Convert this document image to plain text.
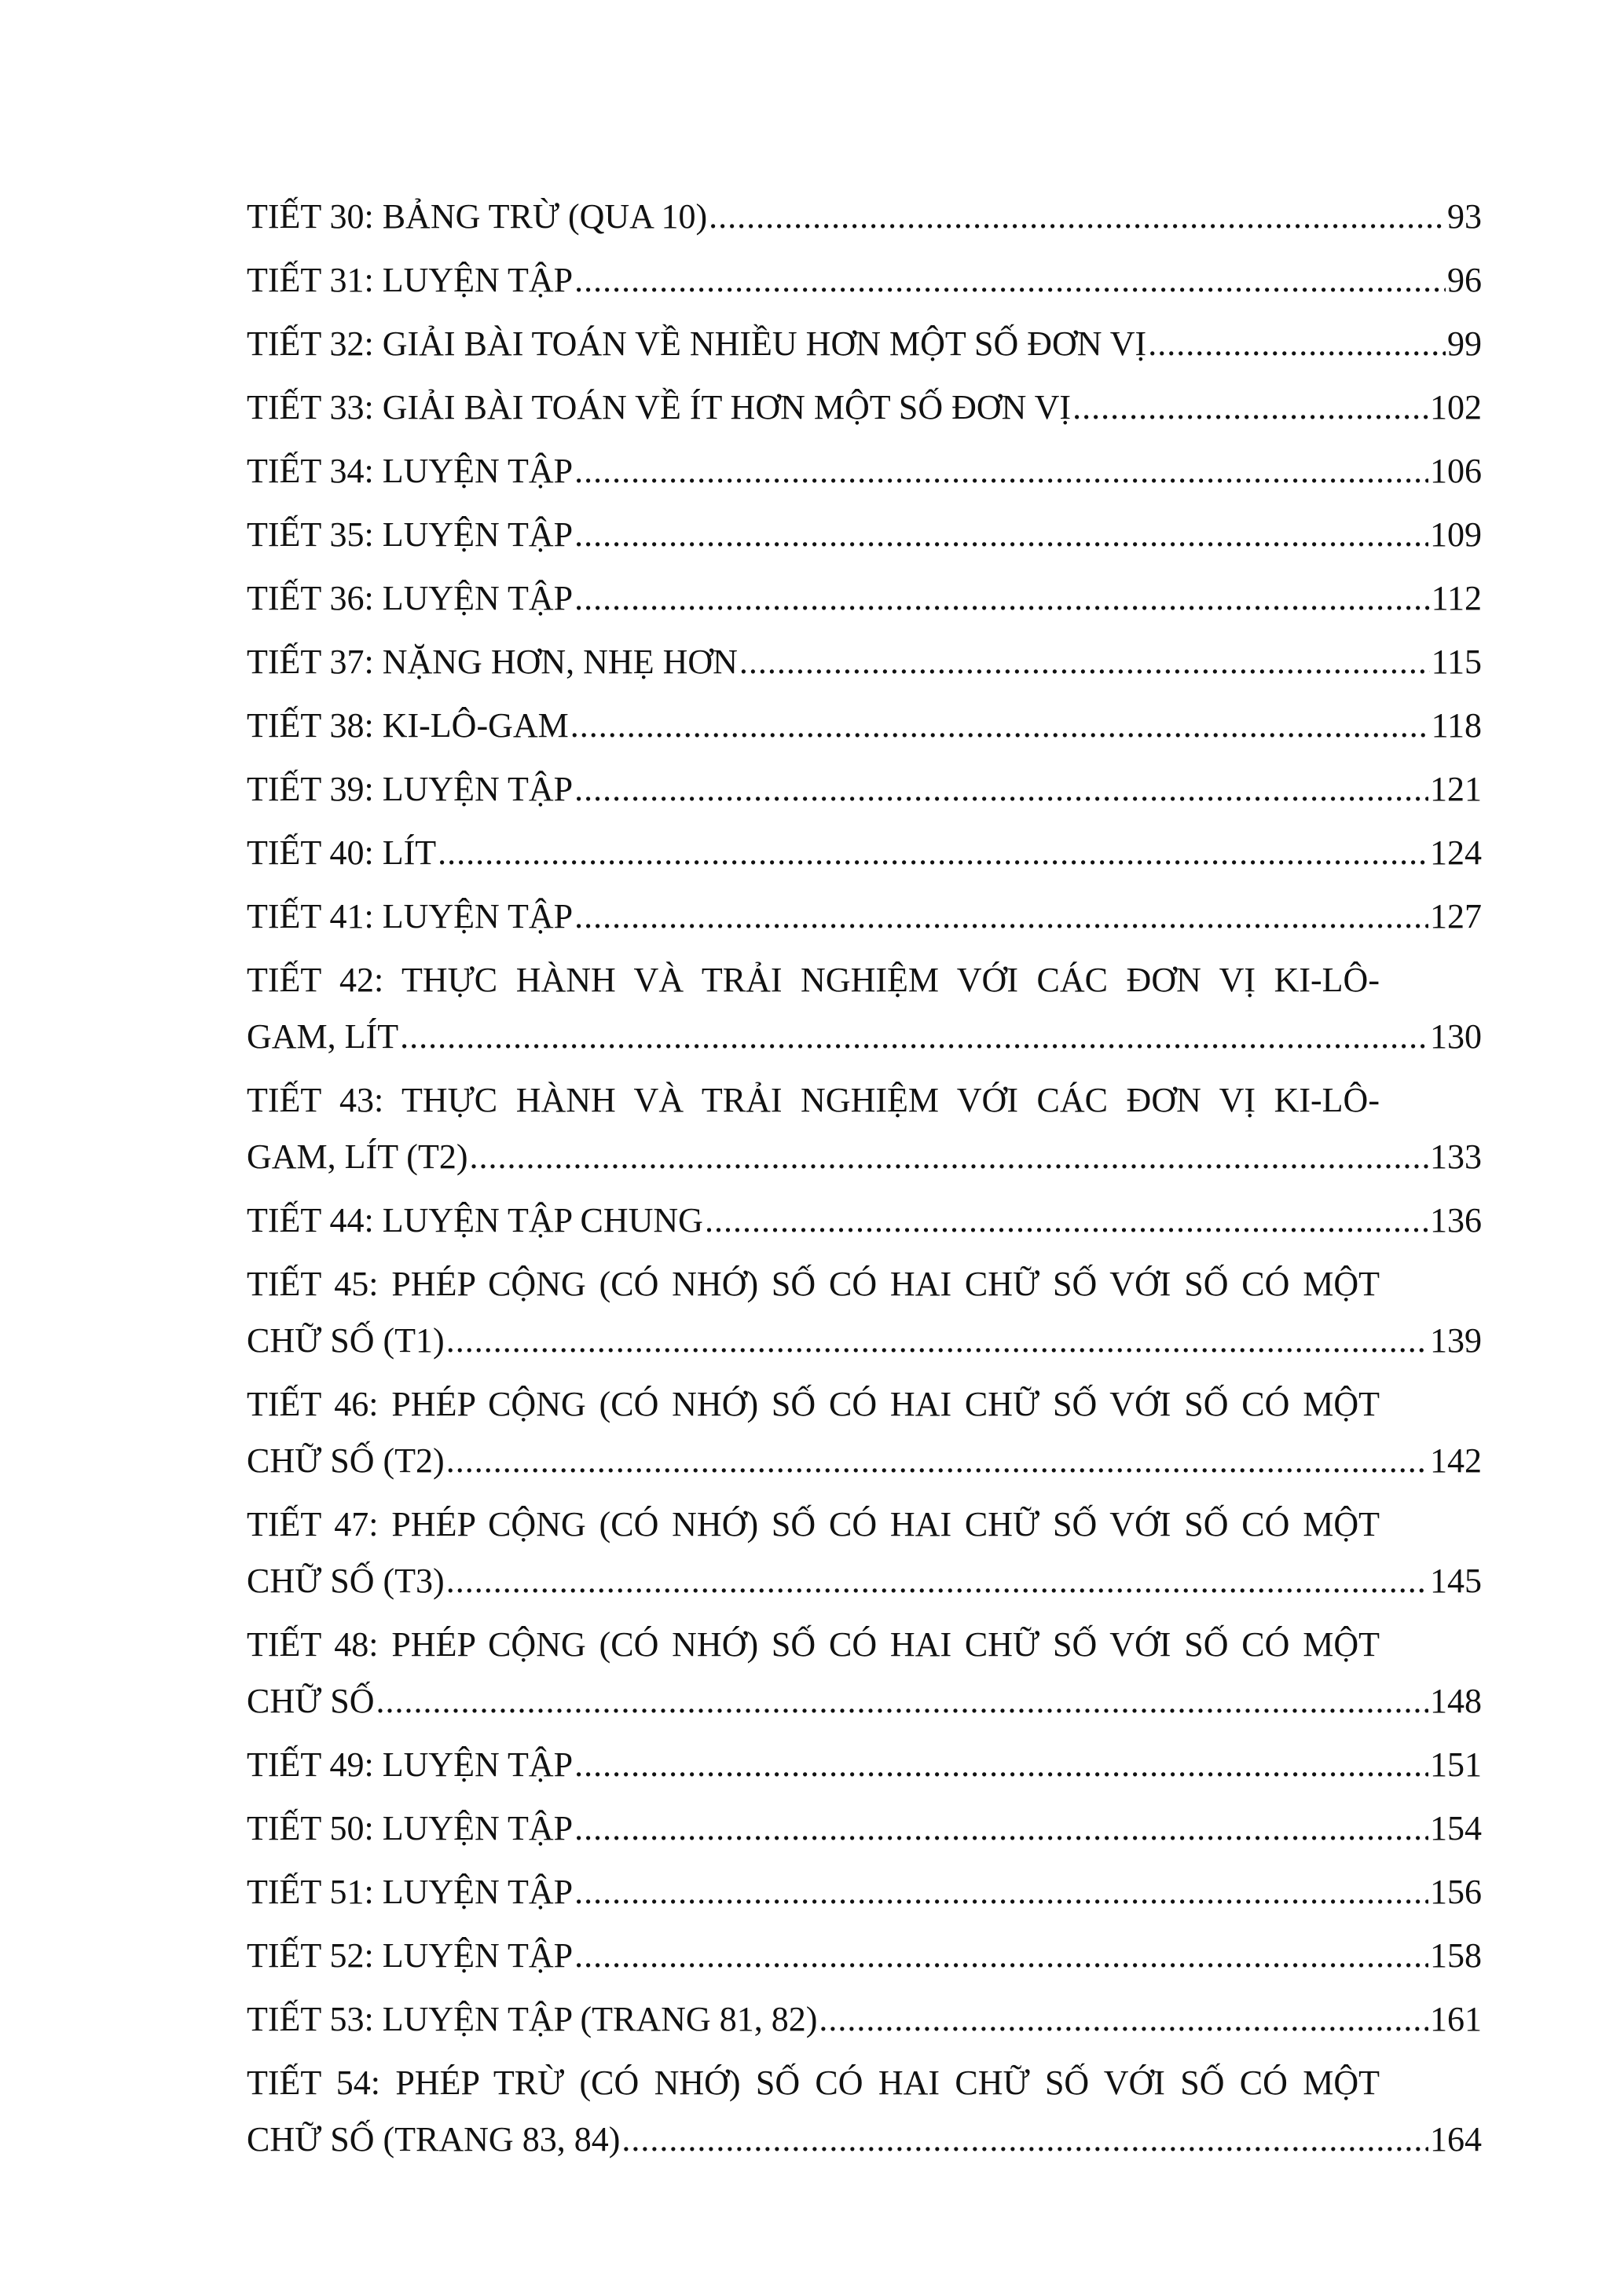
TIẾT 30: BẢNG TRỪ (QUA 10) .....	93
TIẾT 31: LUYỆN TẬP .....	96
TIẾT 32: GIẢI BÀI TOÁN VỀ NHIỀU HƠN MỘT SỐ ĐƠN VỊ .....	99
TIẾT 33: GIẢI BÀI TOÁN VỀ ÍT HƠN MỘT SỐ ĐƠN VỊ .....	102
TIẾT 34: LUYỆN TẬP .....	106
TIẾT 35: LUYỆN TẬP .....	109
TIẾT 36: LUYỆN TẬP .....	112
TIẾT 37: NẶNG HƠN, NHẸ HƠN .....	115
TIẾT 38: KI-LÔ-GAM .....	118
TIẾT 39: LUYỆN TẬP .....	121
TIẾT 40: LÍT .....	124
TIẾT 41: LUYỆN TẬP .....	127
TIẾT 42: THỰC HÀNH VÀ TRẢI NGHIỆM VỚI CÁC ĐƠN VỊ KI-LÔ-
GAM, LÍT .....	130
TIẾT 43: THỰC HÀNH VÀ TRẢI NGHIỆM VỚI CÁC ĐƠN VỊ KI-LÔ-
GAM, LÍT (T2) .....	133
TIẾT 44: LUYỆN TẬP CHUNG .....	136
TIẾT 45: PHÉP CỘNG (CÓ NHỚ) SỐ CÓ HAI CHỮ SỐ VỚI SỐ CÓ MỘT
CHỮ SỐ (T1) .....	139
TIẾT 46: PHÉP CỘNG (CÓ NHỚ) SỐ CÓ HAI CHỮ SỐ VỚI SỐ CÓ MỘT
CHỮ SỐ (T2) .....	142
TIẾT 47: PHÉP CỘNG (CÓ NHỚ) SỐ CÓ HAI CHỮ SỐ VỚI SỐ CÓ MỘT
CHỮ SỐ (T3) .....	145
TIẾT 48: PHÉP CỘNG (CÓ NHỚ) SỐ CÓ HAI CHỮ SỐ VỚI SỐ CÓ MỘT
CHỮ SỐ .....	148
TIẾT 49: LUYỆN TẬP .....	151
TIẾT 50: LUYỆN TẬP .....	154
TIẾT 51: LUYỆN TẬP .....	156
TIẾT 52: LUYỆN TẬP .....	158
TIẾT 53: LUYỆN TẬP (TRANG 81, 82) .....	161
TIẾT 54: PHÉP TRỪ (CÓ NHỚ) SỐ CÓ HAI CHỮ SỐ VỚI SỐ CÓ MỘT
CHỮ SỐ (TRANG 83, 84) .....	164
